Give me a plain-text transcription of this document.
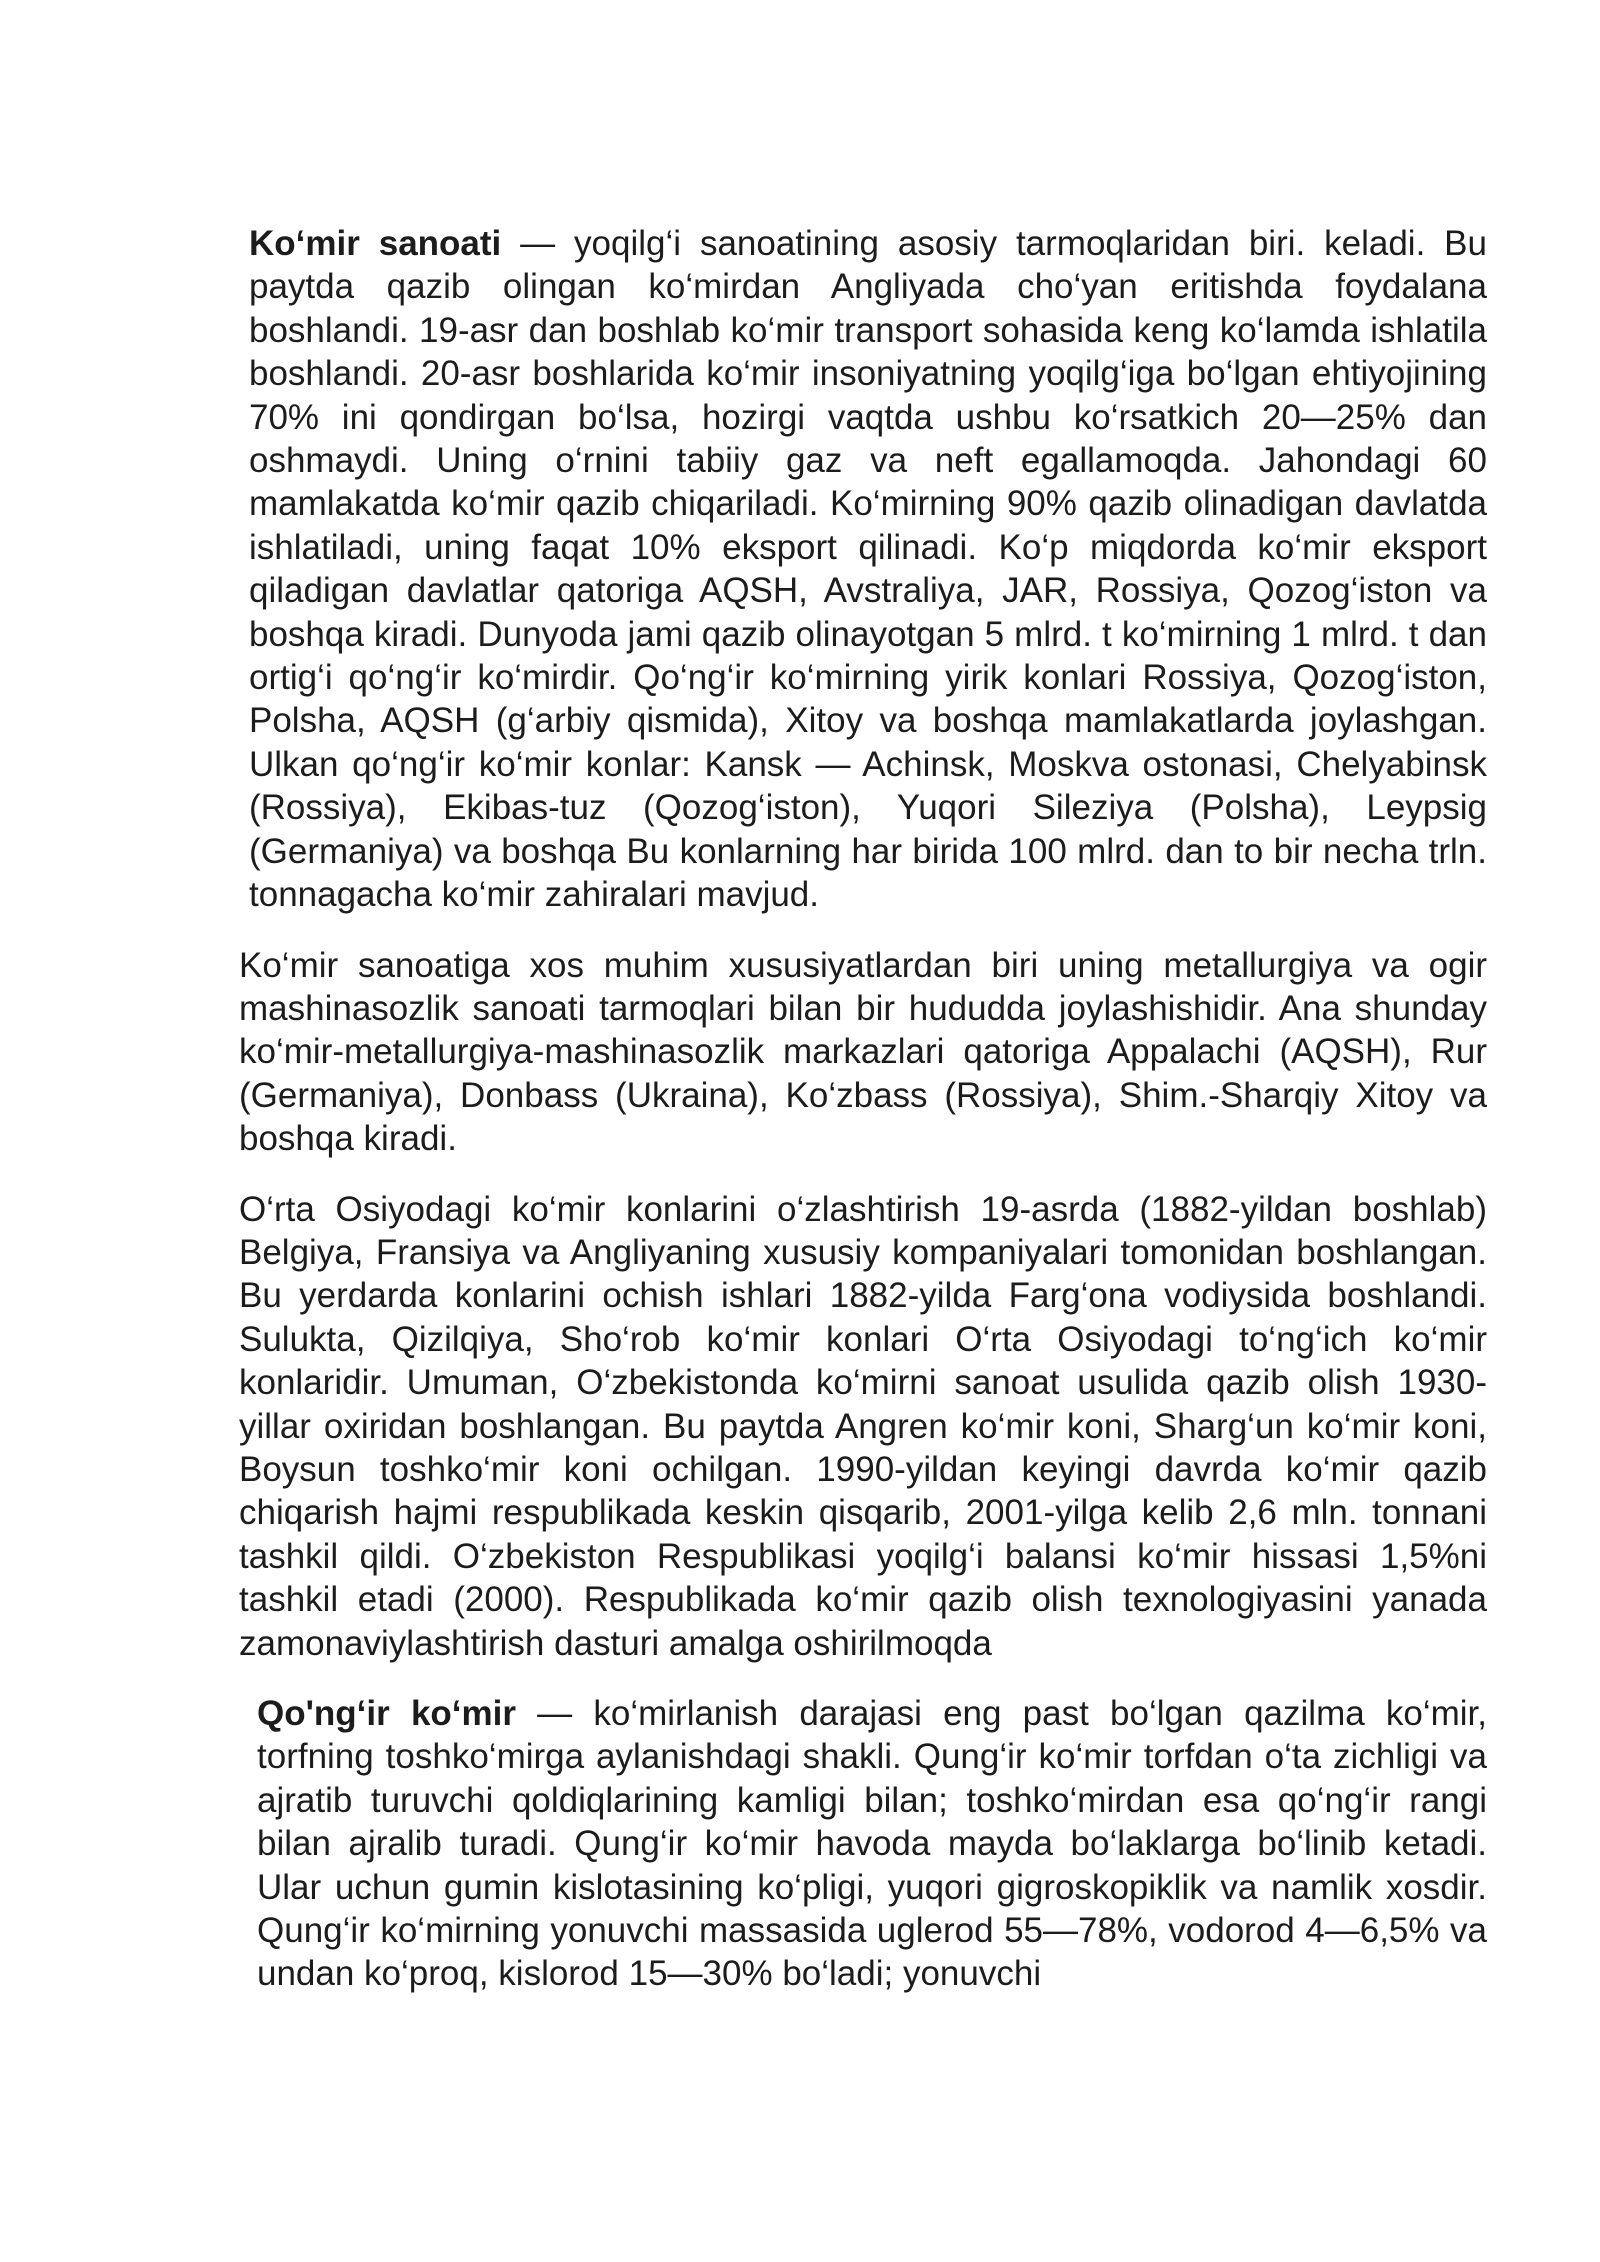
Ko‘mir sanoati — yoqilg‘i sanoatining asosiy tarmoqlaridan biri. keladi. Bu paytda qazib olingan ko‘mirdan Angliyada cho‘yan eritishda foydalana boshlandi. 19-asr dan boshlab ko‘mir transport sohasida keng ko‘lamda ishlatila boshlandi. 20-asr boshlarida ko‘mir insoniyatning yoqilg‘iga bo‘lgan ehtiyojining 70% ini qondirgan bo‘lsa, hozirgi vaqtda ushbu ko‘rsatkich 20—25% dan oshmaydi. Uning o‘rnini tabiiy gaz va neft egallamoqda. Jahondagi 60 mamlakatda ko‘mir qazib chiqariladi. Ko‘mirning 90% qazib olinadigan davlatda ishlatiladi, uning faqat 10% eksport qilinadi. Ko‘p miqdorda ko‘mir eksport qiladigan davlatlar qatoriga AQSH, Avstraliya, JAR, Rossiya, Qozog‘iston va boshqa kiradi. Dunyoda jami qazib olinayotgan 5 mlrd. t ko‘mirning 1 mlrd. t dan ortig‘i qo‘ng‘ir ko‘mirdir. Qo‘ng‘ir ko‘mirning yirik konlari Rossiya, Qozog‘iston, Polsha, AQSH (g‘arbiy qismida), Xitoy va boshqa mamlakatlarda joylashgan. Ulkan qo‘ng‘ir ko‘mir konlar: Kansk — Achinsk, Moskva ostonasi, Chelyabinsk (Rossiya), Ekibas-tuz (Qozog‘iston), Yuqori Sileziya (Polsha), Leypsig (Germaniya) va boshqa Bu konlarning har birida 100 mlrd. dan to bir necha trln. tonnagacha ko‘mir zahiralari mavjud.

Ko‘mir sanoatiga xos muhim xususiyatlardan biri uning metallurgiya va ogir mashinasozlik sanoati tarmoqlari bilan bir hududda joylashishidir. Ana shunday ko‘mir-metallurgiya-mashinasozlik markazlari qatoriga Appalachi (AQSH), Rur (Germaniya), Donbass (Ukraina), Ko‘zbass (Rossiya), Shim.-Sharqiy Xitoy va boshqa kiradi.

O‘rta Osiyodagi ko‘mir konlarini o‘zlashtirish 19-asrda (1882-yildan boshlab) Belgiya, Fransiya va Angliyaning xususiy kompaniyalari tomonidan boshlangan. Bu yerdarda konlarini ochish ishlari 1882-yilda Farg‘ona vodiysida boshlandi. Sulukta, Qizilqiya, Sho‘rob ko‘mir konlari O‘rta Osiyodagi to‘ng‘ich ko‘mir konlaridir. Umuman, O‘zbekistonda ko‘mirni sanoat usulida qazib olish 1930-yillar oxiridan boshlangan. Bu paytda Angren ko‘mir koni, Sharg‘un ko‘mir koni, Boysun toshko‘mir koni ochilgan. 1990-yildan keyingi davrda ko‘mir qazib chiqarish hajmi respublikada keskin qisqarib, 2001-yilga kelib 2,6 mln. tonnani tashkil qildi. O‘zbekiston Respublikasi yoqilg‘i balansi ko‘mir hissasi 1,5%ni tashkil etadi (2000). Respublikada ko‘mir qazib olish texnologiyasini yanada zamonaviylashtirish dasturi amalga oshirilmoqda

Qo'ng‘ir ko‘mir — ko‘mirlanish darajasi eng past bo‘lgan qazilma ko‘mir, torfning toshko‘mirga aylanishdagi shakli. Qung‘ir ko‘mir torfdan o‘ta zichligi va ajratib turuvchi qoldiqlarining kamligi bilan; toshko‘mirdan esa qo‘ng‘ir rangi bilan ajralib turadi. Qung‘ir ko‘mir havoda mayda bo‘laklarga bo‘linib ketadi. Ular uchun gumin kislotasining ko‘pligi, yuqori gigroskopiklik va namlik xosdir. Qung‘ir ko‘mirning yonuvchi massasida uglerod 55—78%, vodorod 4—6,5% va undan ko‘proq, kislorod 15—30% bo‘ladi; yonuvchi
